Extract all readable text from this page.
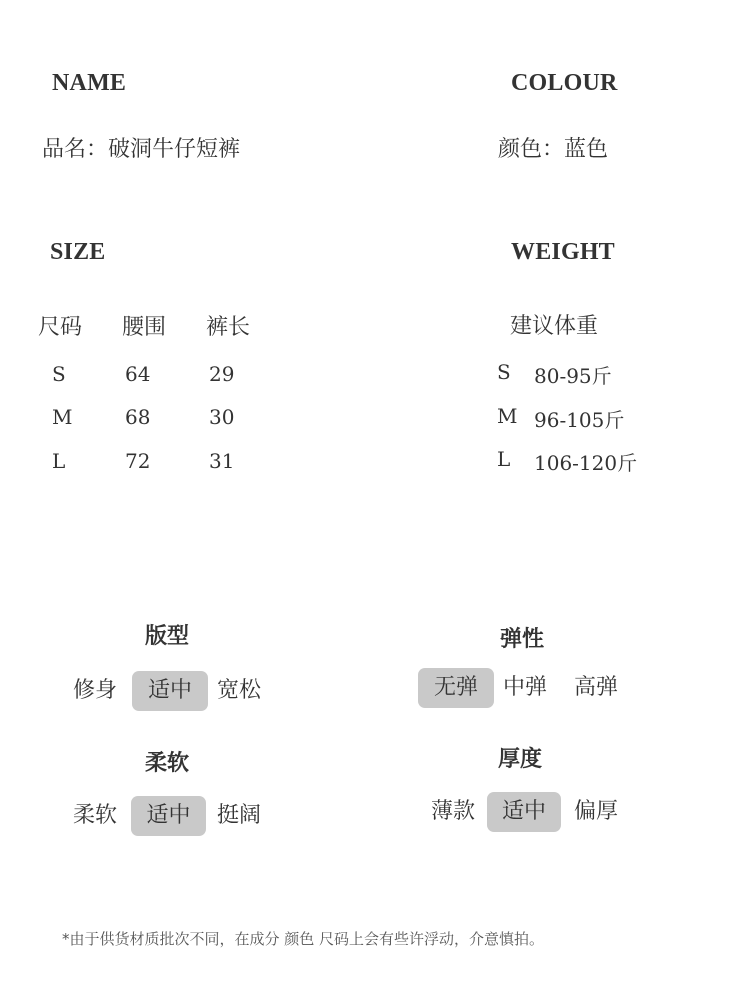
NAME
品名：破洞牛仔短裤
COLOUR
颜色：蓝色
SIZE
尺码 腰围 裤长
S	64	29
M	68	30
L	72	31
WEIGHT
建议体重
S 80-95斤
M 96-105斤
L 106-120斤
版型
修身	适中	宽松
弹性
无弹	中弹 高弹
柔软
柔软	适中	挺阔
厚度
薄款	适中	偏厚
*由于供货材质批次不同，在成分 颜色 尺码上会有些许浮动，介意慎拍。
